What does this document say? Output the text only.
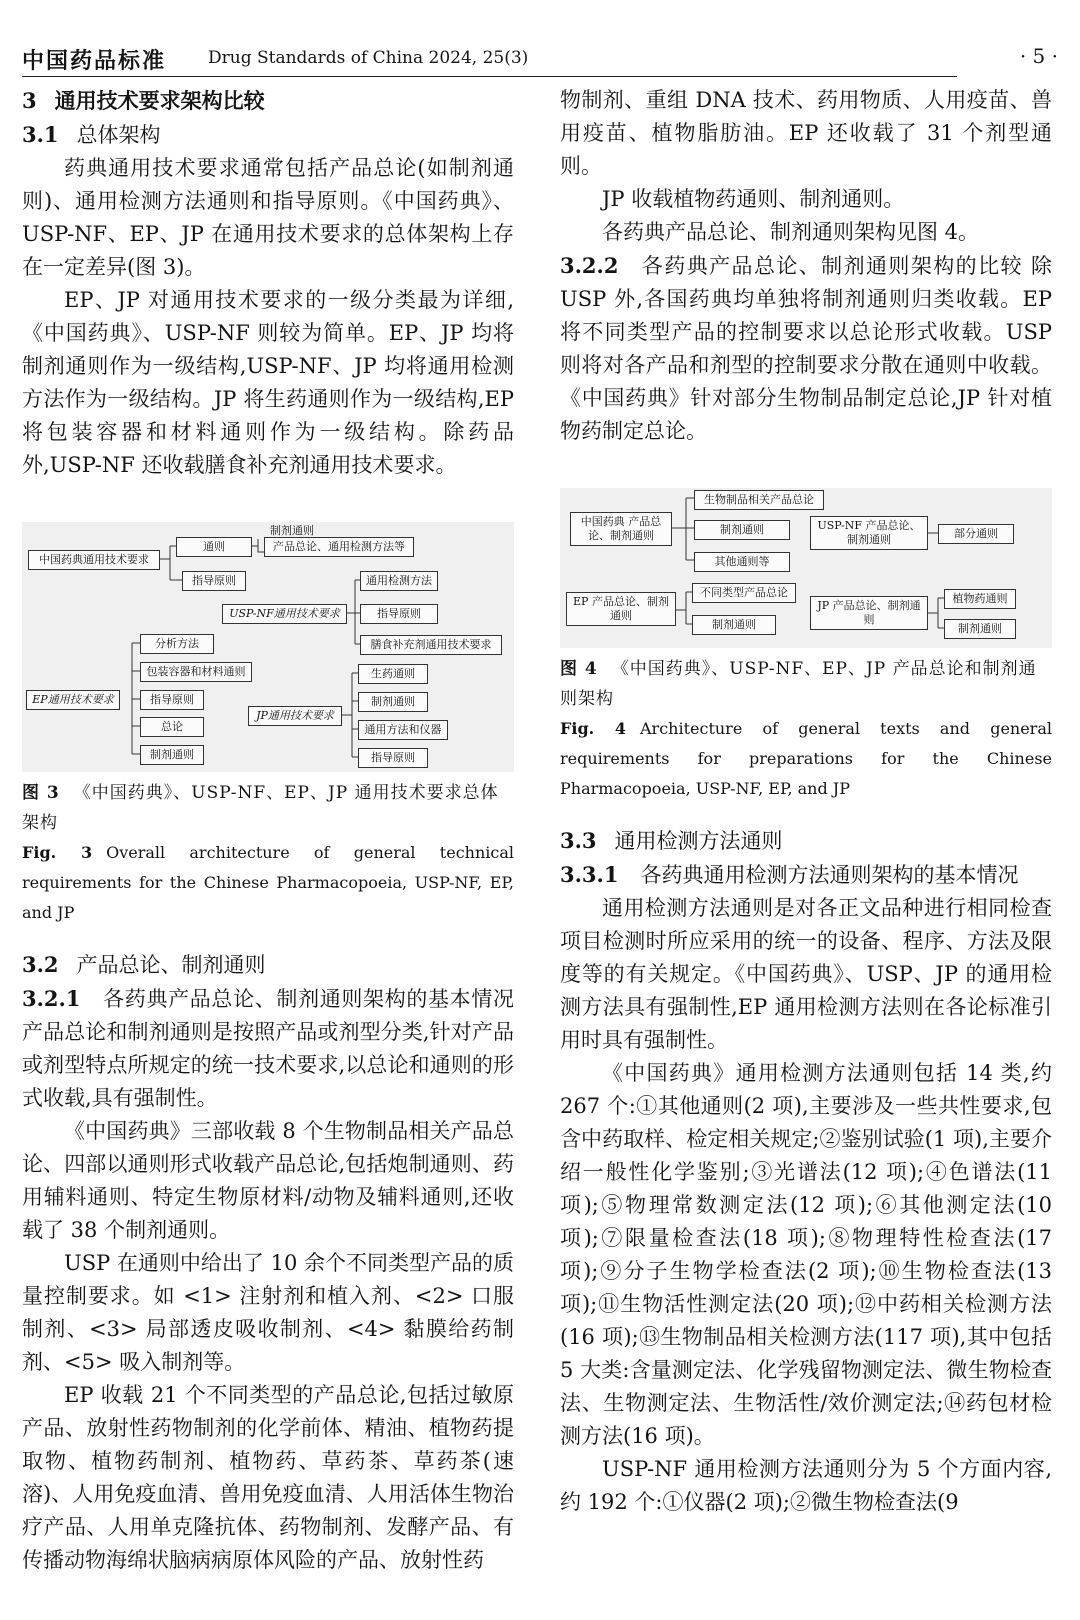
中国药品标准 Drug Standards of China 2024, 25(3)	· 5 ·

3 通用技术要求架构比较

3.1 总体架构

药典通用技术要求通常包括产品总论(如制剂通则)、通用检测方法通则和指导原则。《中国药典》、USP-NF、EP、JP 在通用技术要求的总体架构上存在一定差异(图 3)。

EP、JP 对通用技术要求的一级分类最为详细,《中国药典》、USP-NF 则较为简单。EP、JP 均将制剂通则作为一级结构,USP-NF、JP 均将通用检测方法作为一级结构。JP 将生药通则作为一级结构,EP 将包装容器和材料通则作为一级结构。除药品外,USP-NF 还收载膳食补充剂通用技术要求。

制剂通则
中国药典通用技术要求
通则	产品总论、通用检测方法等
指导原则
USP-NF通用技术要求
通用检测方法
指导原则
膳食补充剂通用技术要求
EP通用技术要求
分析方法
包装容器和材料通则
指导原则
总论
制剂通则
JP通用技术要求
生药通则
制剂通则
通用方法和仪器
指导原则
图 3 《中国药典》、USP-NF、EP、JP 通用技术要求总体架构
Fig. 3 Overall architecture of general technical requirements for the Chinese Pharmacopoeia, USP-NF, EP, and JP

3.2 产品总论、制剂通则

3.2.1 各药典产品总论、制剂通则架构的基本情况 产品总论和制剂通则是按照产品或剂型分类,针对产品或剂型特点所规定的统一技术要求,以总论和通则的形式收载,具有强制性。

《中国药典》三部收载 8 个生物制品相关产品总论、四部以通则形式收载产品总论,包括炮制通则、药用辅料通则、特定生物原材料/动物及辅料通则,还收载了 38 个制剂通则。

USP 在通则中给出了 10 余个不同类型产品的质量控制要求。如 <1> 注射剂和植入剂、<2> 口服制剂、<3> 局部透皮吸收制剂、<4> 黏膜给药制剂、<5> 吸入制剂等。

EP 收载 21 个不同类型的产品总论,包括过敏原产品、放射性药物制剂的化学前体、精油、植物药提取物、植物药制剂、植物药、草药茶、草药茶(速溶)、人用免疫血清、兽用免疫血清、人用活体生物治疗产品、人用单克隆抗体、药物制剂、发酵产品、有传播动物海绵状脑病病原体风险的产品、放射性药

物制剂、重组 DNA 技术、药用物质、人用疫苗、兽用疫苗、植物脂肪油。EP 还收载了 31 个剂型通则。

JP 收载植物药通则、制剂通则。

各药典产品总论、制剂通则架构见图 4。

3.2.2 各药典产品总论、制剂通则架构的比较 除 USP 外,各国药典均单独将制剂通则归类收载。EP 将不同类型产品的控制要求以总论形式收载。USP 则将对各产品和剂型的控制要求分散在通则中收载。《中国药典》针对部分生物制品制定总论,JP 针对植物药制定总论。

中国药典 产品总论、制剂通则
生物制品相关产品总论
制剂通则
其他通则等
USP-NF 产品总论、制剂通则	部分通则
EP 产品总论、制剂通则
不同类型产品总论
制剂通则
JP 产品总论、制剂通则
植物药通则
制剂通则
图 4 《中国药典》、USP-NF、EP、JP 产品总论和制剂通则架构
Fig. 4 Architecture of general texts and general requirements for preparations for the Chinese Pharmacopoeia, USP-NF, EP, and JP

3.3 通用检测方法通则

3.3.1 各药典通用检测方法通则架构的基本情况

通用检测方法通则是对各正文品种进行相同检查项目检测时所应采用的统一的设备、程序、方法及限度等的有关规定。《中国药典》、USP、JP 的通用检测方法具有强制性,EP 通用检测方法则在各论标准引用时具有强制性。

《中国药典》通用检测方法通则包括 14 类,约 267 个:①其他通则(2 项),主要涉及一些共性要求,包含中药取样、检定相关规定;②鉴别试验(1 项),主要介绍一般性化学鉴别;③光谱法(12 项);④色谱法(11 项);⑤物理常数测定法(12 项);⑥其他测定法(10 项);⑦限量检查法(18 项);⑧物理特性检查法(17 项);⑨分子生物学检查法(2 项);⑩生物检查法(13 项);⑪生物活性测定法(20 项);⑫中药相关检测方法(16 项);⑬生物制品相关检测方法(117 项),其中包括 5 大类:含量测定法、化学残留物测定法、微生物检查法、生物测定法、生物活性/效价测定法;⑭药包材检测方法(16 项)。

USP-NF 通用检测方法通则分为 5 个方面内容,约 192 个:①仪器(2 项);②微生物检查法(9
